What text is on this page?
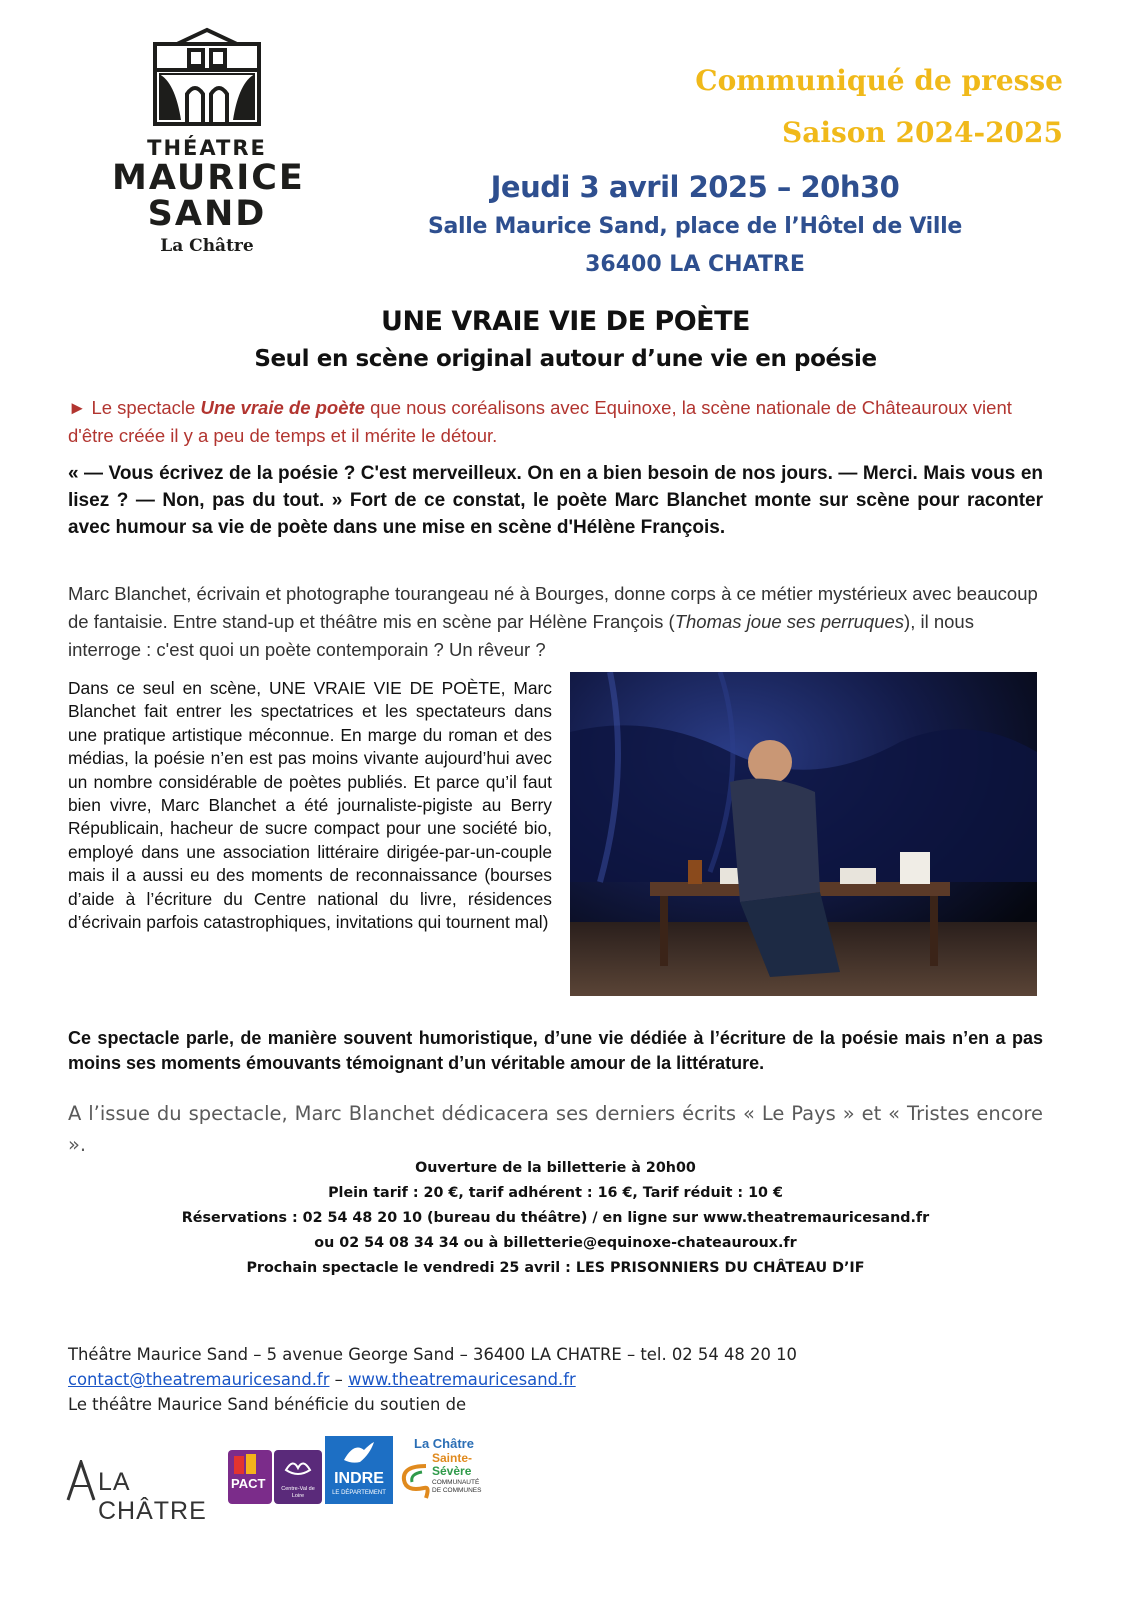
THÉATRE
MAURICE
SAND
La Châtre
Communiqué de presse
Saison 2024-2025
Jeudi 3 avril 2025 – 20h30
Salle Maurice Sand, place de l’Hôtel de Ville
36400 LA CHATRE
UNE VRAIE VIE DE POÈTE
Seul en scène original autour d’une vie en poésie
► Le spectacle Une vraie de poète que nous coréalisons avec Equinoxe, la scène nationale de Châteauroux vient d'être créée il y a peu de temps et il mérite le détour.
« — Vous écrivez de la poésie ? C'est merveilleux. On en a bien besoin de nos jours. — Merci. Mais vous en lisez ? — Non, pas du tout. » Fort de ce constat, le poète Marc Blanchet monte sur scène pour raconter avec humour sa vie de poète dans une mise en scène d'Hélène François.
Marc Blanchet, écrivain et photographe tourangeau né à Bourges, donne corps à ce métier mystérieux avec beaucoup de fantaisie. Entre stand-up et théâtre mis en scène par Hélène François (Thomas joue ses perruques), il nous interroge : c'est quoi un poète contemporain ? Un rêveur ?
Dans ce seul en scène, UNE VRAIE VIE DE POÈTE, Marc Blanchet fait entrer les spectatrices et les spectateurs dans une pratique artistique méconnue. En marge du roman et des médias, la poésie n’en est pas moins vivante aujourd’hui avec un nombre considérable de poètes publiés. Et parce qu’il faut bien vivre, Marc Blanchet a été journaliste-pigiste au Berry Républicain, hacheur de sucre compact pour une société bio, employé dans une association littéraire dirigée-par-un-couple mais il a aussi eu des moments de reconnaissance (bourses d’aide à l’écriture du Centre national du livre, résidences d’écrivain parfois catastrophiques, invitations qui tournent mal)
Ce spectacle parle, de manière souvent humoristique, d’une vie dédiée à l’écriture de la poésie mais n’en a pas moins ses moments émouvants témoignant d’un véritable amour de la littérature.
A l’issue du spectacle, Marc Blanchet dédicacera ses derniers écrits « Le Pays » et « Tristes encore ».
Ouverture de la billetterie à 20h00
Plein tarif : 20 €, tarif adhérent : 16 €, Tarif réduit : 10 €
Réservations : 02 54 48 20 10 (bureau du théâtre) / en ligne sur www.theatremauricesand.fr
ou 02 54 08 34 34 ou à billetterie@equinoxe-chateauroux.fr
Prochain spectacle le vendredi 25 avril : LES PRISONNIERS DU CHÂTEAU D’IF
Théâtre Maurice Sand – 5 avenue George Sand – 36400 LA CHATRE – tel. 02 54 48 20 10
contact@theatremauricesand.fr – www.theatremauricesand.fr
Le théâtre Maurice Sand bénéficie du soutien de
LA CHÂTRE
PACT	Centre-Val de Loire
INDRE
LE DÉPARTEMENT
La Châtre
Sainte-
Sévère
COMMUNAUTÉ DE COMMUNES
